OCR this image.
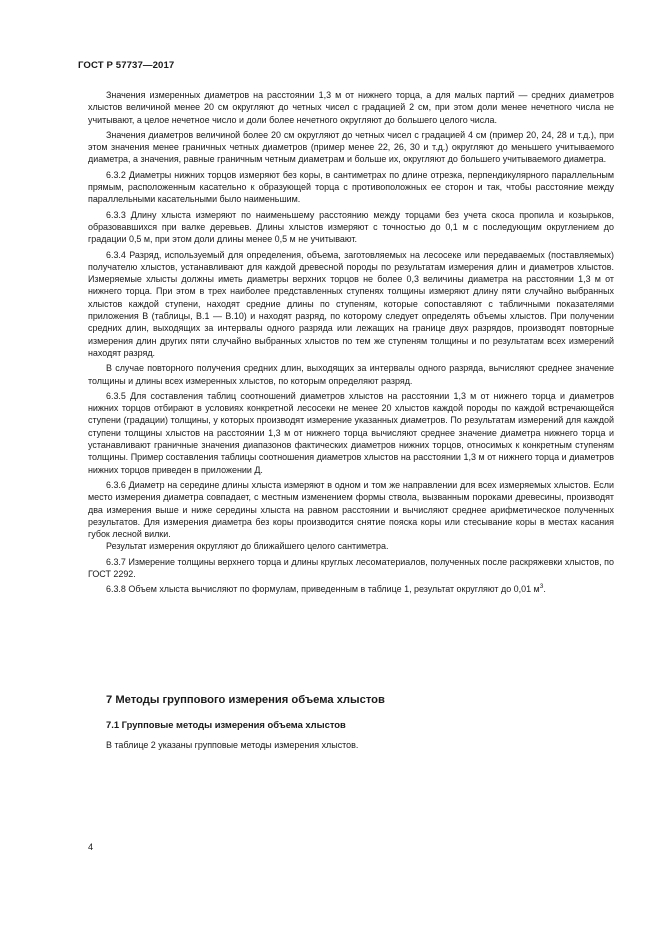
ГОСТ Р 57737—2017

Значения измеренных диаметров на расстоянии 1,3 м от нижнего торца, а для малых партий — средних диаметров хлыстов величиной менее 20 см округляют до четных чисел с градацией 2 см, при этом доли менее нечетного числа не учитывают, а целое нечетное число и доли более нечетного округляют до большего целого числа.

Значения диаметров величиной более 20 см округляют до четных чисел с градацией 4 см (пример 20, 24, 28 и т.д.), при этом значения менее граничных четных диаметров (пример менее 22, 26, 30 и т.д.) округляют до меньшего учитываемого диаметра, а значения, равные граничным четным диаметрам и больше их, округляют до большего учитываемого диаметра.

6.3.2 Диаметры нижних торцов измеряют без коры, в сантиметрах по длине отрезка, перпендикулярного параллельным прямым, расположенным касательно к образующей торца с противоположных ее сторон и так, чтобы расстояние между параллельными касательными было наименьшим.

6.3.3 Длину хлыста измеряют по наименьшему расстоянию между торцами без учета скоса пропила и козырьков, образовавшихся при валке деревьев. Длины хлыстов измеряют с точностью до 0,1 м с последующим округлением до градации 0,5 м, при этом доли длины менее 0,5 м не учитывают.

6.3.4 Разряд, используемый для определения, объема, заготовляемых на лесосеке или передаваемых (поставляемых) получателю хлыстов, устанавливают для каждой древесной породы по результатам измерения длин и диаметров хлыстов. Измеряемые хлысты должны иметь диаметры верхних торцов не более 0,3 величины диаметра на расстоянии 1,3 м от нижнего торца. При этом в трех наиболее представленных ступенях толщины измеряют длину пяти случайно выбранных хлыстов каждой ступени, находят средние длины по ступеням, которые сопоставляют с табличными показателями приложения В (таблицы, В.1 — В.10) и находят разряд, по которому следует определять объемы хлыстов. При получении средних длин, выходящих за интервалы одного разряда или лежащих на границе двух разрядов, производят повторные измерения длин других пяти случайно выбранных хлыстов по тем же ступеням толщины и по результатам всех измерений находят разряд.

В случае повторного получения средних длин, выходящих за интервалы одного разряда, вычисляют среднее значение толщины и длины всех измеренных хлыстов, по которым определяют разряд.

6.3.5 Для составления таблиц соотношений диаметров хлыстов на расстоянии 1,3 м от нижнего торца и диаметров нижних торцов отбирают в условиях конкретной лесосеки не менее 20 хлыстов каждой породы по каждой встречающейся ступени (градации) толщины, у которых производят измерение указанных диаметров. По результатам измерений для каждой ступени толщины хлыстов на расстоянии 1,3 м от нижнего торца вычисляют среднее значение диаметра нижнего торца и устанавливают граничные значения диапазонов фактических диаметров нижних торцов, относимых к конкретным ступеням толщины. Пример составления таблицы соотношения диаметров хлыстов на расстоянии 1,3 м от нижнего торца и диаметров нижних торцов приведен в приложении Д.

6.3.6 Диаметр на середине длины хлыста измеряют в одном и том же направлении для всех измеряемых хлыстов. Если место измерения диаметра совпадает, с местным изменением формы ствола, вызванным пороками древесины, производят два измерения выше и ниже середины хлыста на равном расстоянии и вычисляют среднее арифметическое полученных результатов. Для измерения диаметра без коры производится снятие пояска коры или стесывание коры в местах касания губок лесной вилки.

Результат измерения округляют до ближайшего целого сантиметра.

6.3.7 Измерение толщины верхнего торца и длины круглых лесоматериалов, полученных после раскряжевки хлыстов, по ГОСТ 2292.

6.3.8 Объем хлыста вычисляют по формулам, приведенным в таблице 1, результат округляют до 0,01 $м^3$.

7 Методы группового измерения объема хлыстов
7.1 Групповые методы измерения объема хлыстов
В таблице 2 указаны групповые методы измерения хлыстов.
4
